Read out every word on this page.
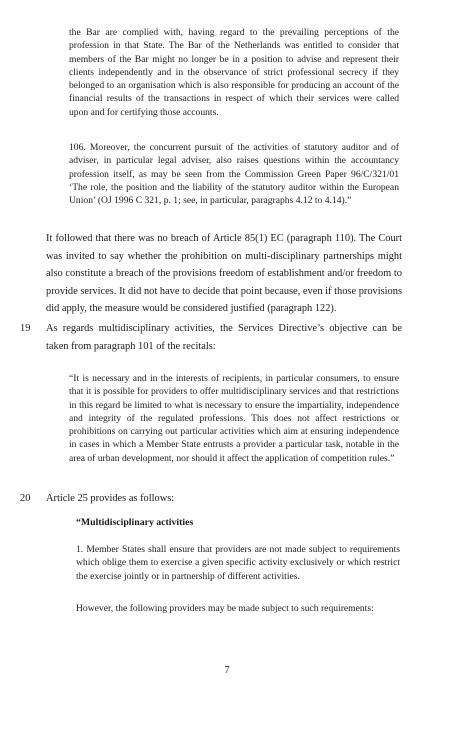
the Bar are complied with, having regard to the prevailing perceptions of the profession in that State. The Bar of the Netherlands was entitled to consider that members of the Bar might no longer be in a position to advise and represent their clients independently and in the observance of strict professional secrecy if they belonged to an organisation which is also responsible for producing an account of the financial results of the transactions in respect of which their services were called upon and for certifying those accounts.

106. Moreover, the concurrent pursuit of the activities of statutory auditor and of adviser, in particular legal adviser, also raises questions within the accountancy profession itself, as may be seen from the Commission Green Paper 96/C/321/01 ‘The role, the position and the liability of the statutory auditor within the European Union’ (OJ 1996 C 321, p. 1; see, in particular, paragraphs 4.12 to 4.14).”

It followed that there was no breach of Article 85(1) EC (paragraph 110). The Court was invited to say whether the prohibition on multi-disciplinary partnerships might also constitute a breach of the provisions freedom of establishment and/or freedom to provide services. It did not have to decide that point because, even if those provisions did apply, the measure would be considered justified (paragraph 122).

19 As regards multidisciplinary activities, the Services Directive’s objective can be taken from paragraph 101 of the recitals:

“It is necessary and in the interests of recipients, in particular consumers, to ensure that it is possible for providers to offer multidisciplinary services and that restrictions in this regard be limited to what is necessary to ensure the impartiality, independence and integrity of the regulated professions. This does not affect restrictions or prohibitions on carrying out particular activities which aim at ensuring independence in cases in which a Member State entrusts a provider a particular task, notable in the area of urban development, nor should it affect the application of competition rules.”

20 Article 25 provides as follows:

“Multidisciplinary activities

1. Member States shall ensure that providers are not made subject to requirements which oblige them to exercise a given specific activity exclusively or which restrict the exercise jointly or in partnership of different activities.

However, the following providers may be made subject to such requirements:

7
